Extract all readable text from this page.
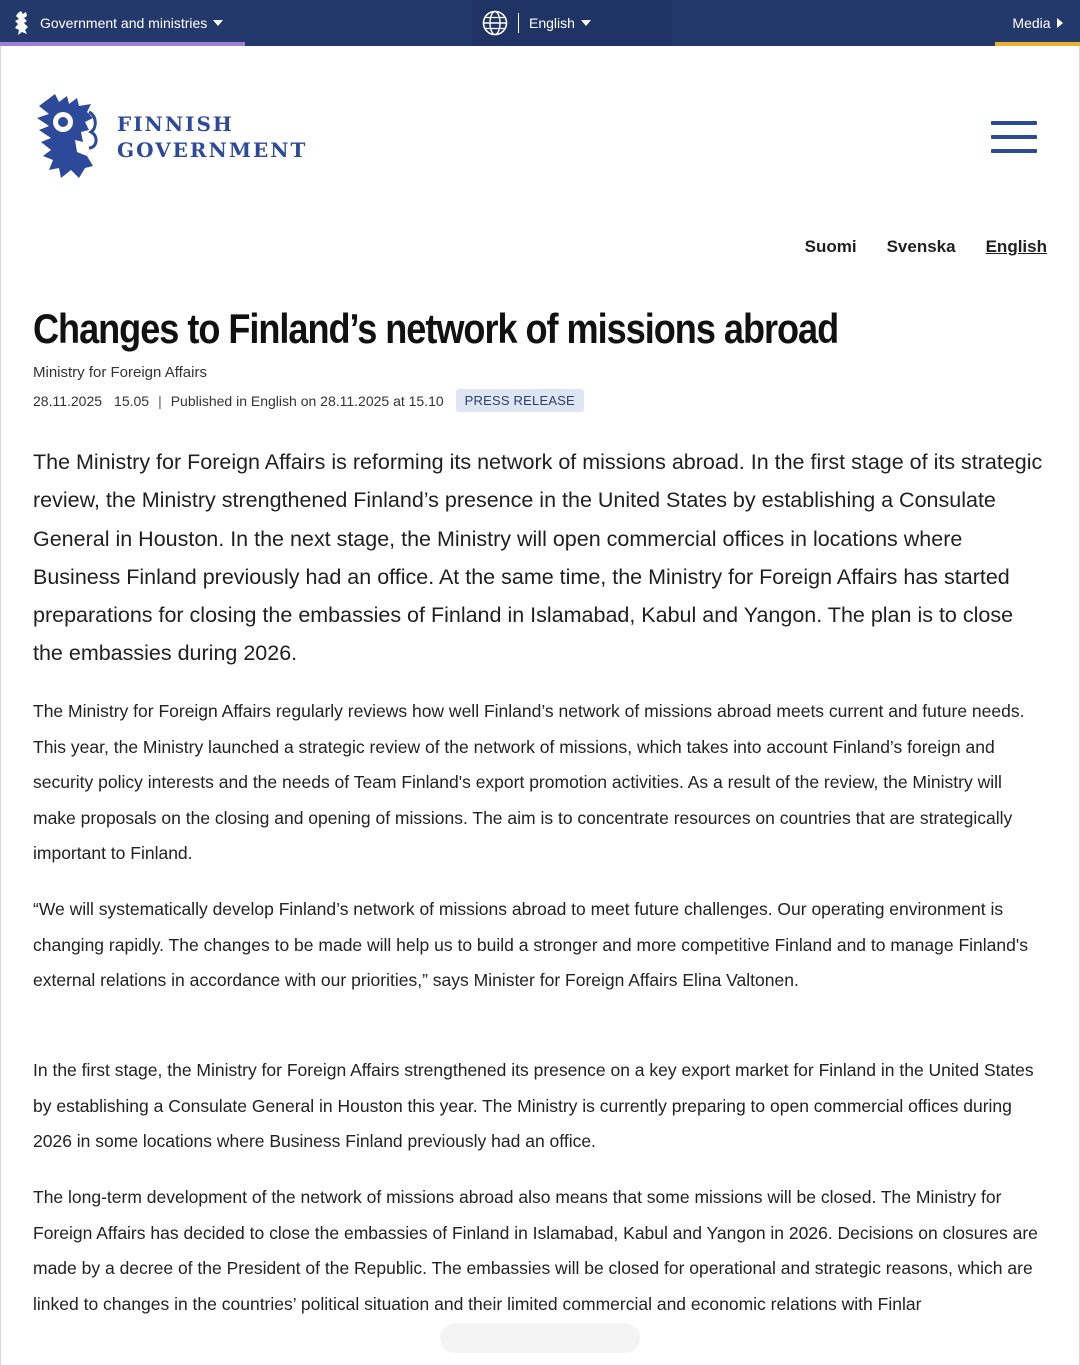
Government and ministries	English	Media
FINNISH
GOVERNMENT
Suomi Svenska English
Changes to Finland’s network of missions abroad
Ministry for Foreign Affairs
28.11.2025 15.05 | Published in English on 28.11.2025 at 15.10	PRESS RELEASE
The Ministry for Foreign Affairs is reforming its network of missions abroad. In the first stage of its strategic review, the Ministry strengthened Finland’s presence in the United States by establishing a Consulate General in Houston. In the next stage, the Ministry will open commercial offices in locations where Business Finland previously had an office. At the same time, the Ministry for Foreign Affairs has started preparations for closing the embassies of Finland in Islamabad, Kabul and Yangon. The plan is to close the embassies during 2026.
The Ministry for Foreign Affairs regularly reviews how well Finland’s network of missions abroad meets current and future needs. This year, the Ministry launched a strategic review of the network of missions, which takes into account Finland’s foreign and security policy interests and the needs of Team Finland's export promotion activities. As a result of the review, the Ministry will make proposals on the closing and opening of missions. The aim is to concentrate resources on countries that are strategically important to Finland.
“We will systematically develop Finland’s network of missions abroad to meet future challenges. Our operating environment is changing rapidly. The changes to be made will help us to build a stronger and more competitive Finland and to manage Finland's external relations in accordance with our priorities,” says Minister for Foreign Affairs Elina Valtonen.
In the first stage, the Ministry for Foreign Affairs strengthened its presence on a key export market for Finland in the United States by establishing a Consulate General in Houston this year. The Ministry is currently preparing to open commercial offices during 2026 in some locations where Business Finland previously had an office.
The long-term development of the network of missions abroad also means that some missions will be closed. The Ministry for Foreign Affairs has decided to close the embassies of Finland in Islamabad, Kabul and Yangon in 2026. Decisions on closures are made by a decree of the President of the Republic. The embassies will be closed for operational and strategic reasons, which are linked to changes in the countries’ political situation and their limited commercial and economic relations with Finlar
